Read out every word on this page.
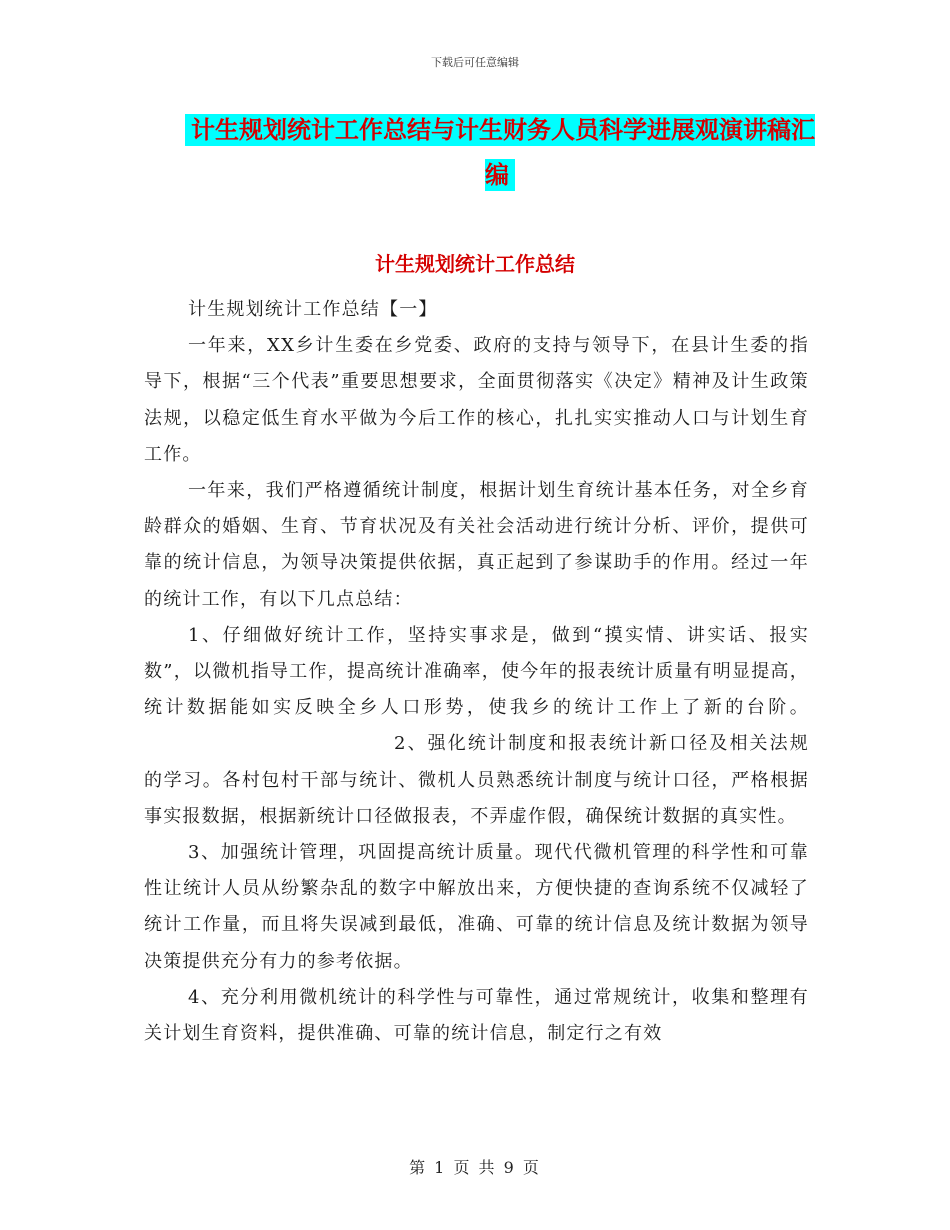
下载后可任意编辑
计生规划统计工作总结与计生财务人员科学进展观演讲稿汇编
计生规划统计工作总结

计生规划统计工作总结【一】

一年来，XX乡计生委在乡党委、政府的支持与领导下，在县计生委的指导下，根据“三个代表”重要思想要求，全面贯彻落实《决定》精神及计生政策法规，以稳定低生育水平做为今后工作的核心，扎扎实实推动人口与计划生育工作。

一年来，我们严格遵循统计制度，根据计划生育统计基本任务，对全乡育龄群众的婚姻、生育、节育状况及有关社会活动进行统计分析、评价，提供可靠的统计信息，为领导决策提供依据，真正起到了参谋助手的作用。经过一年的统计工作，有以下几点总结：

1、仔细做好统计工作，坚持实事求是，做到“摸实情、讲实话、报实数”，以微机指导工作，提高统计准确率，使今年的报表统计质量有明显提高，统计数据能如实反映全乡人口形势，使我乡的统计工作上了新的台阶。2、强化统计制度和报表统计新口径及相关法规的学习。各村包村干部与统计、微机人员熟悉统计制度与统计口径，严格根据事实报数据，根据新统计口径做报表，不弄虚作假，确保统计数据的真实性。

3、加强统计管理，巩固提高统计质量。现代代微机管理的科学性和可靠性让统计人员从纷繁杂乱的数字中解放出来，方便快捷的查询系统不仅减轻了统计工作量，而且将失误减到最低，准确、可靠的统计信息及统计数据为领导决策提供充分有力的参考依据。

4、充分利用微机统计的科学性与可靠性，通过常规统计，收集和整理有关计划生育资料，提供准确、可靠的统计信息，制定行之有效

第 1 页 共 9 页
